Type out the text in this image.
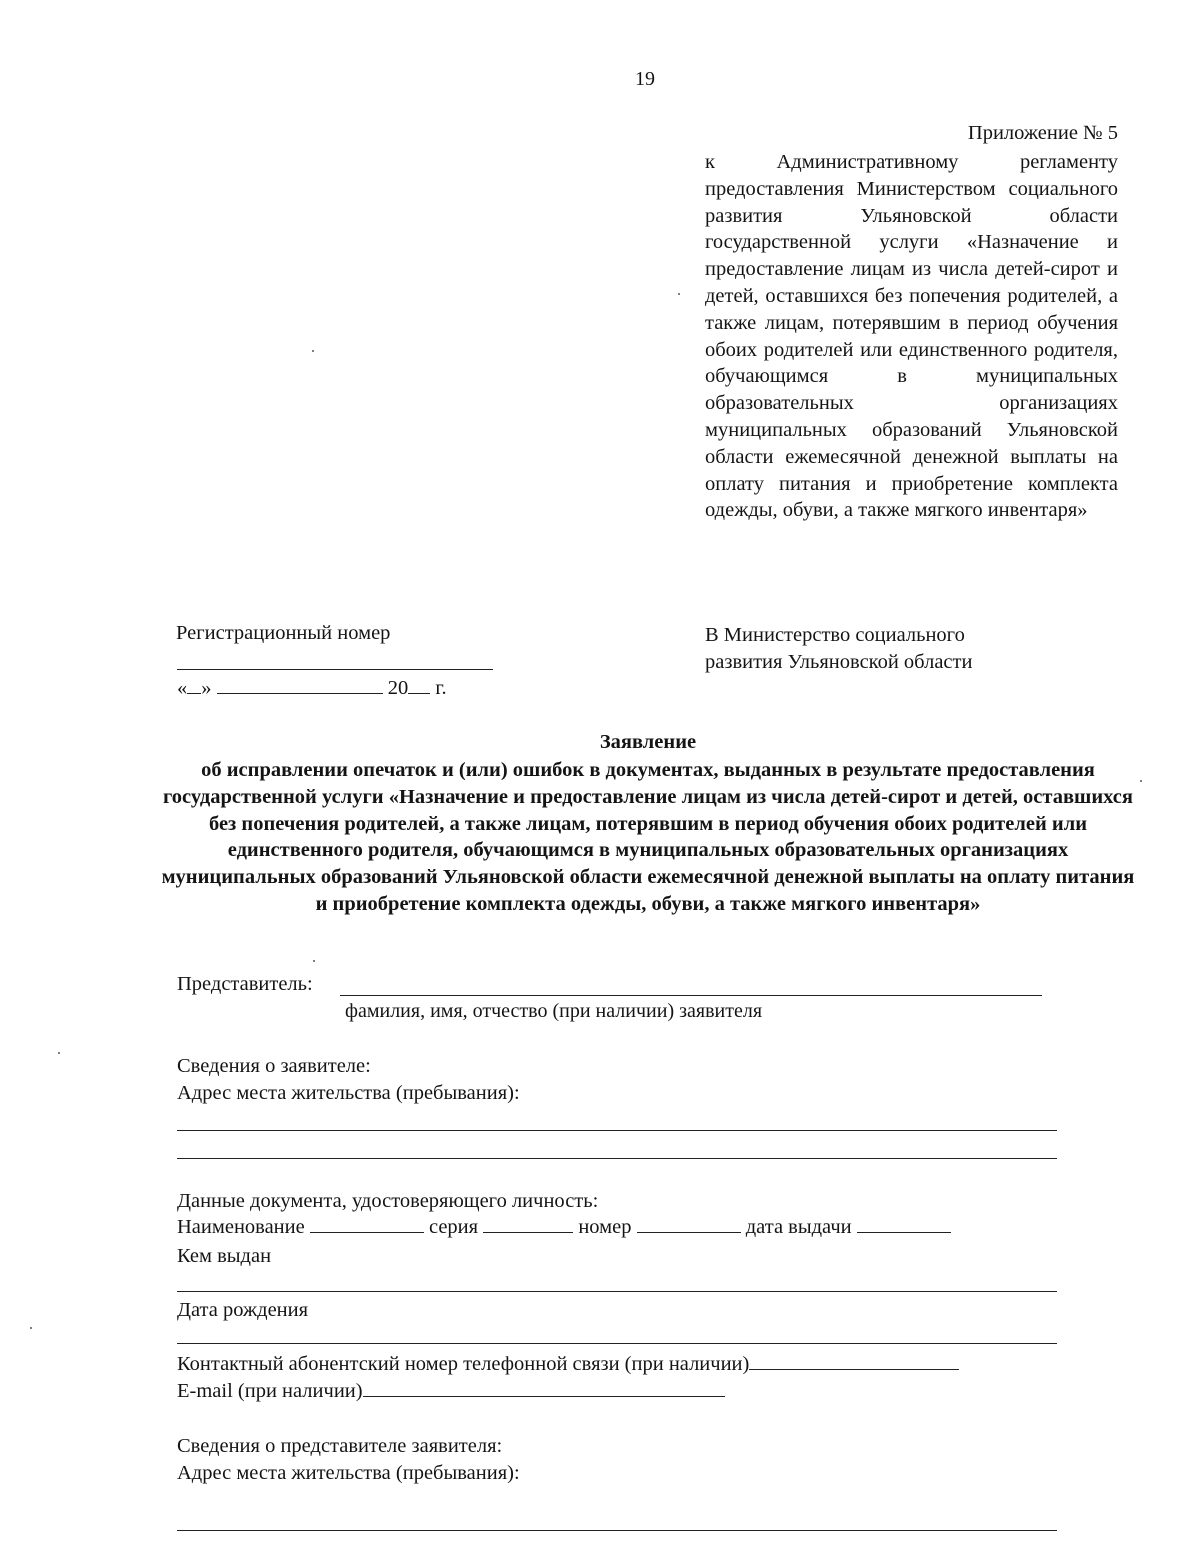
19
Приложение № 5

к Административному регламенту предоставления Министерством социального развития Ульяновской области государственной услуги «Назначение и предоставление лицам из числа детей-сирот и детей, оставшихся без попечения родителей, а также лицам, потерявшим в период обучения обоих родителей или единственного родителя, обучающимся в муниципальных образовательных организациях муниципальных образований Ульяновской области ежемесячной денежной выплаты на оплату питания и приобретение комплекта одежды, обуви, а также мягкого инвентаря»

Регистрационный номер
« »	20 г.
В Министерство социального
развития Ульяновской области
Заявление
об исправлении опечаток и (или) ошибок в документах, выданных в результате предоставления государственной услуги «Назначение и предоставление лицам из числа детей-сирот и детей, оставшихся без попечения родителей, а также лицам, потерявшим в период обучения обоих родителей или единственного родителя, обучающимся в муниципальных образовательных организациях муниципальных образований Ульяновской области ежемесячной денежной выплаты на оплату питания и приобретение комплекта одежды, обуви, а также мягкого инвентаря»
Представитель:
фамилия, имя, отчество (при наличии) заявителя
Сведения о заявителе:
Адрес места жительства (пребывания):
Данные документа, удостоверяющего личность:
Наименование	серия	номер	дата выдачи
Кем выдан
Дата рождения
Контактный абонентский номер телефонной связи (при наличии)
E-mail (при наличии)
Сведения о представителе заявителя:
Адрес места жительства (пребывания):
